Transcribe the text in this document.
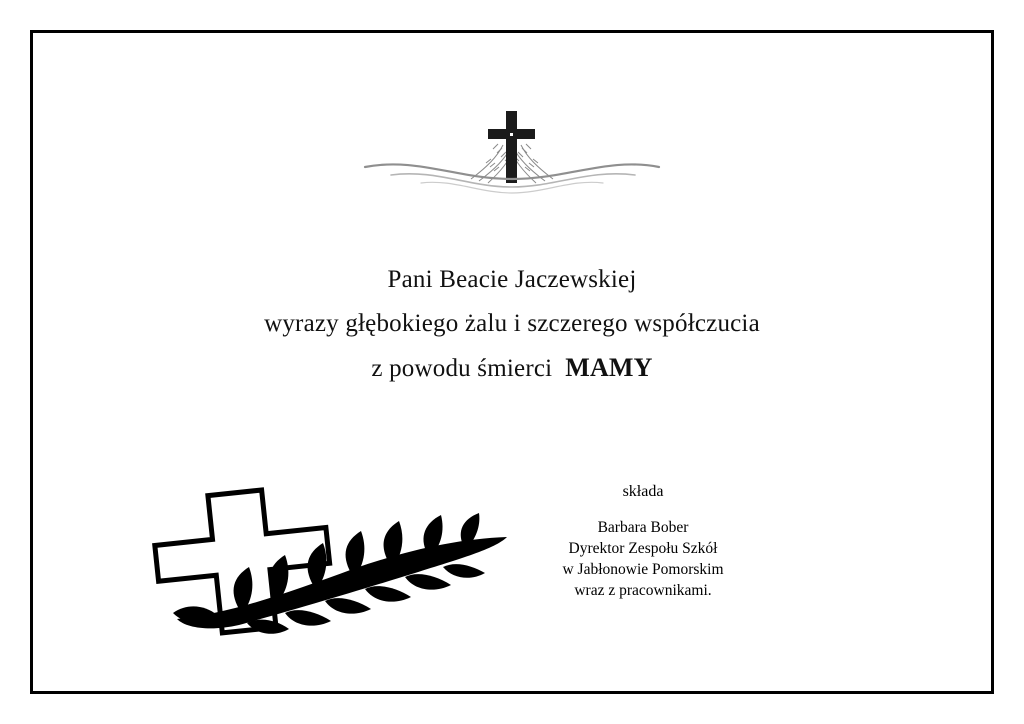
Pani Beacie Jaczewskiej
wyrazy głębokiego żalu i szczerego współczucia
z powodu śmierci  MAMY
składa
Barbara Bober
Dyrektor Zespołu Szkół
w Jabłonowie Pomorskim
wraz z pracownikami.
